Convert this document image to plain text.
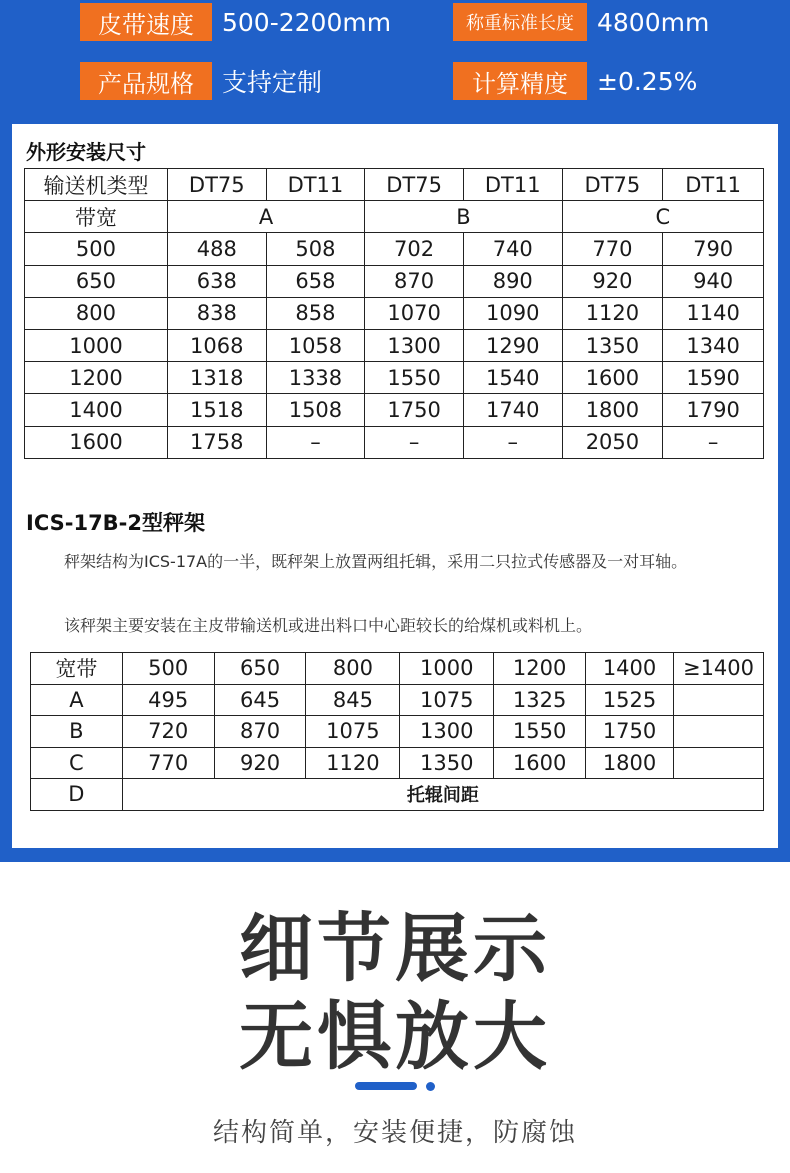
皮带速度	500-2200mm	称重标准长度 4800mm
产品规格	支持定制	计算精度	±0.25%
外形安装尺寸
输送机类型	DT75	DT11	DT75	DT11	DT75	DT11
带宽	A		B		C	
500	488	508	702	740	770	790
650	638	658	870	890	920	940
800	838	858	1070	1090	1120	1140
1000	1068	1058	1300	1290	1350	1340
1200	1318	1338	1550	1540	1600	1590
1400	1518	1508	1750	1740	1800	1790
1600	1758	–	–	–	2050	–
ICS-17B-2型秤架
秤架结构为ICS-17A的一半，既秤架上放置两组托辑，采用二只拉式传感器及一对耳轴。
该秤架主要安装在主皮带输送机或进出料口中心距较长的给煤机或料机上。
宽带	500	650	800	1000	1200	1400	≥1400
A	495	645	845	1075	1325	1525	
B	720	870	1075	1300	1550	1750	
C	770	920	1120	1350	1600	1800	
D	托辊间距						
细节展示
无惧放大
结构简单，安装便捷，防腐蚀
